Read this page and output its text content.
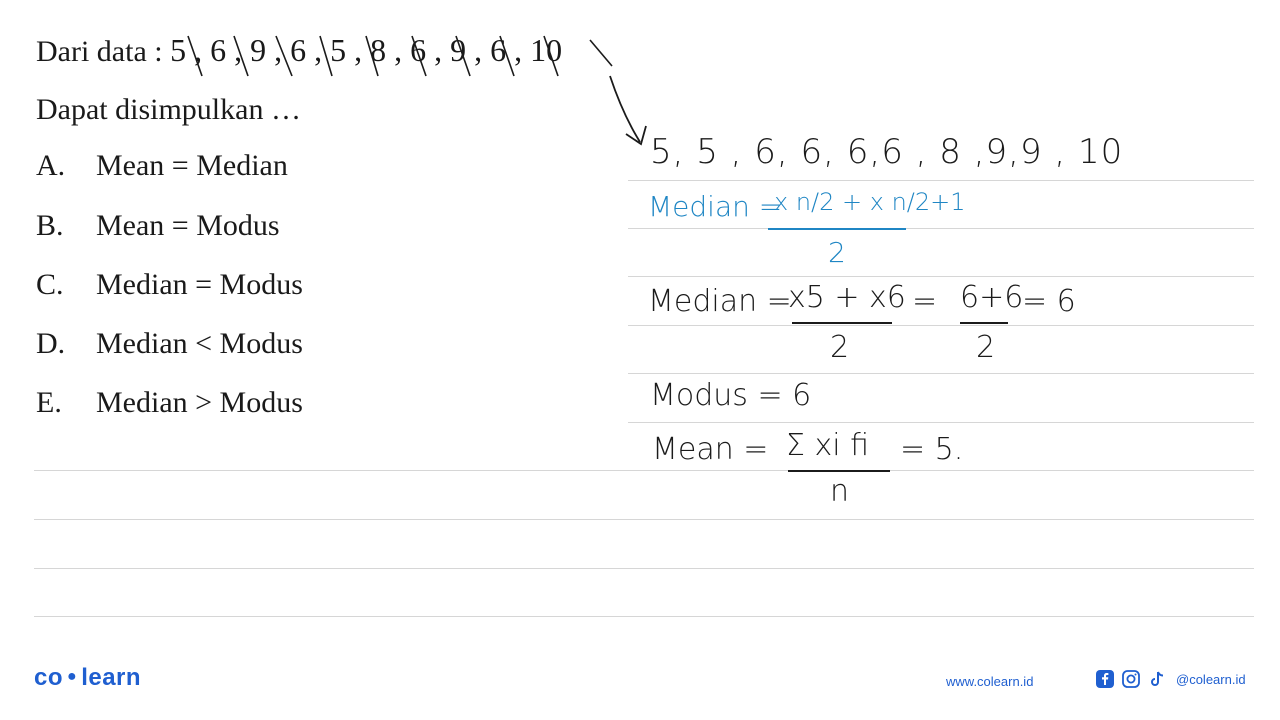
Dari data : 5 , 6 , 9 , 6 , 5 , 8 , 6 , 9 , 6 , 10
Dapat disimpulkan …
A. Mean = Median
B. Mean = Modus
C. Median = Modus
D. Median < Modus
E. Median > Modus
5, 5 , 6, 6, 6,6 , 8 ,9,9 , 10
Median =
x n/2 + x n/2+1
2
Median =
x5 + x6
2
= 6+6
2
= 6
Modus = 6
Mean = Σ xi fi
n
= 5.
co ● learn	www.colearn.id	@colearn.id
